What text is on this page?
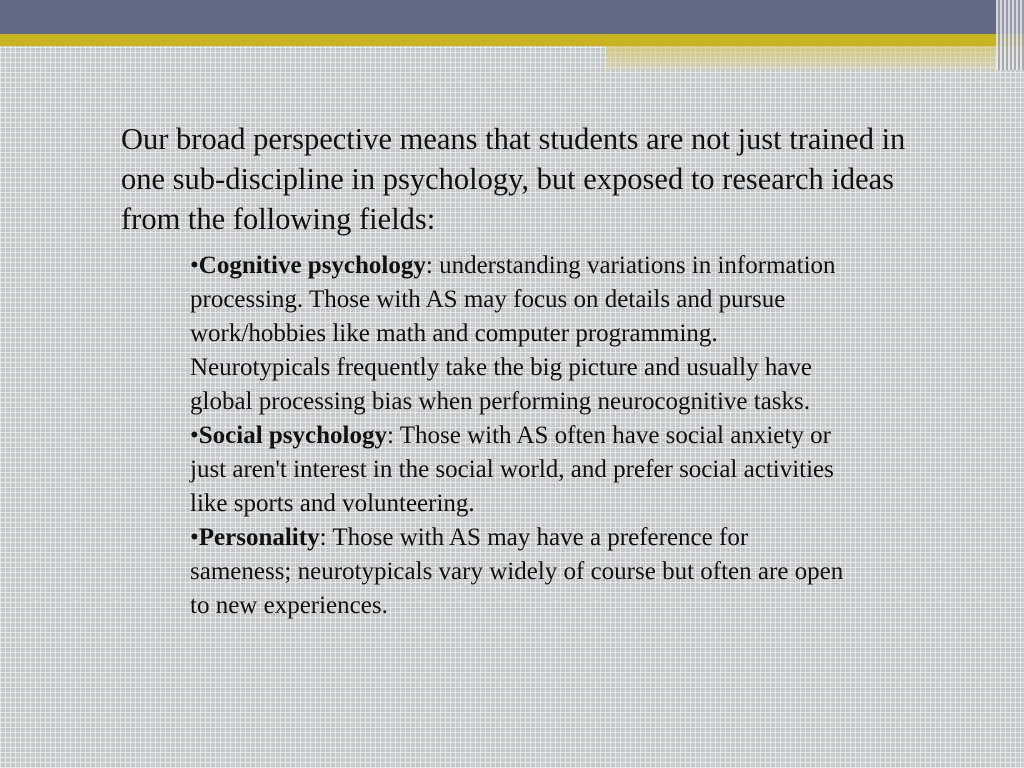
Our broad perspective means that students are not just trained in one sub-discipline in psychology, but exposed to research ideas from the following fields:

•Cognitive psychology: understanding variations in information processing. Those with AS may focus on details and pursue work/hobbies like math and computer programming. Neurotypicals frequently take the big picture and usually have global processing bias when performing neurocognitive tasks.
•Social psychology: Those with AS often have social anxiety or just aren't interest in the social world, and prefer social activities like sports and volunteering.
•Personality: Those with AS may have a preference for sameness; neurotypicals vary widely of course but often are open to new experiences.
